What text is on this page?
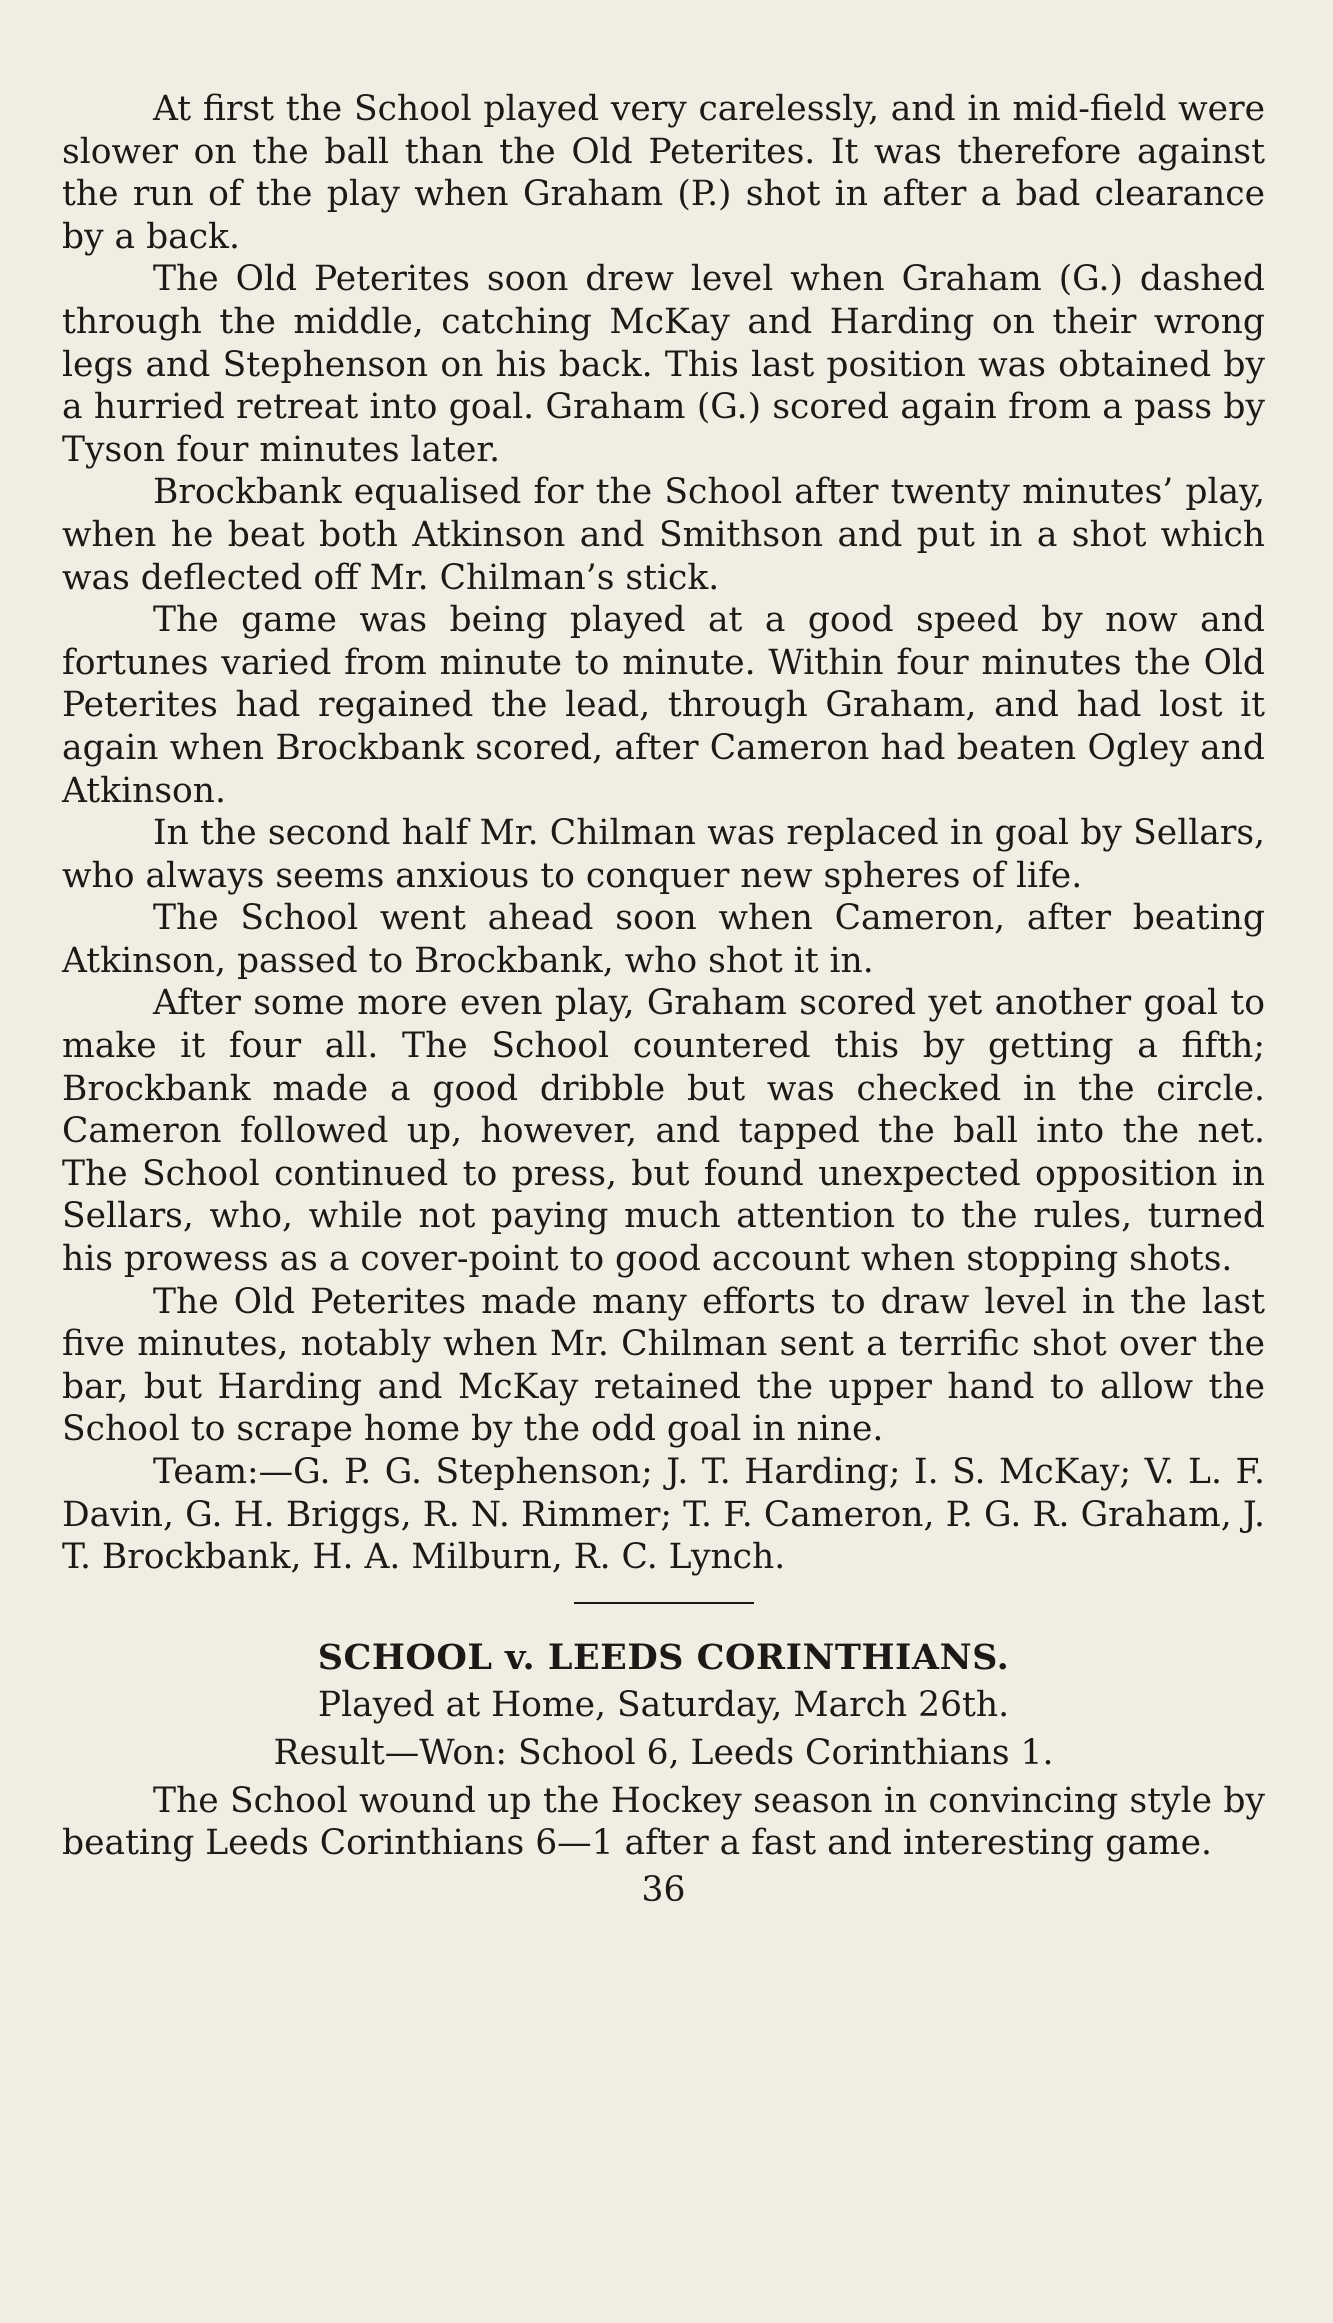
At first the School played very carelessly, and in mid-field were slower on the ball than the Old Peterites. It was therefore against the run of the play when Graham (P.) shot in after a bad clearance by a back.

The Old Peterites soon drew level when Graham (G.) dashed through the middle, catching McKay and Harding on their wrong legs and Stephenson on his back. This last position was obtained by a hurried retreat into goal. Graham (G.) scored again from a pass by Tyson four minutes later.

Brockbank equalised for the School after twenty minutes’ play, when he beat both Atkinson and Smithson and put in a shot which was deflected off Mr. Chilman’s stick.

The game was being played at a good speed by now and fortunes varied from minute to minute. Within four minutes the Old Peterites had regained the lead, through Graham, and had lost it again when Brockbank scored, after Cameron had beaten Ogley and Atkinson.

In the second half Mr. Chilman was replaced in goal by Sellars, who always seems anxious to conquer new spheres of life.

The School went ahead soon when Cameron, after beating Atkinson, passed to Brockbank, who shot it in.

After some more even play, Graham scored yet another goal to make it four all. The School countered this by getting a fifth; Brockbank made a good dribble but was checked in the circle. Cameron followed up, however, and tapped the ball into the net. The School continued to press, but found unexpected opposition in Sellars, who, while not paying much attention to the rules, turned his prowess as a cover-point to good account when stopping shots.

The Old Peterites made many efforts to draw level in the last five minutes, notably when Mr. Chilman sent a terrific shot over the bar, but Harding and McKay retained the upper hand to allow the School to scrape home by the odd goal in nine.

Team:—G. P. G. Stephenson; J. T. Harding; I. S. McKay; V. L. F. Davin, G. H. Briggs, R. N. Rimmer; T. F. Cameron, P. G. R. Graham, J. T. Brockbank, H. A. Milburn, R. C. Lynch.

SCHOOL v. LEEDS CORINTHIANS.

Played at Home, Saturday, March 26th.

Result—Won: School 6, Leeds Corinthians 1.

The School wound up the Hockey season in convincing style by beating Leeds Corinthians 6—1 after a fast and interesting game.

36
